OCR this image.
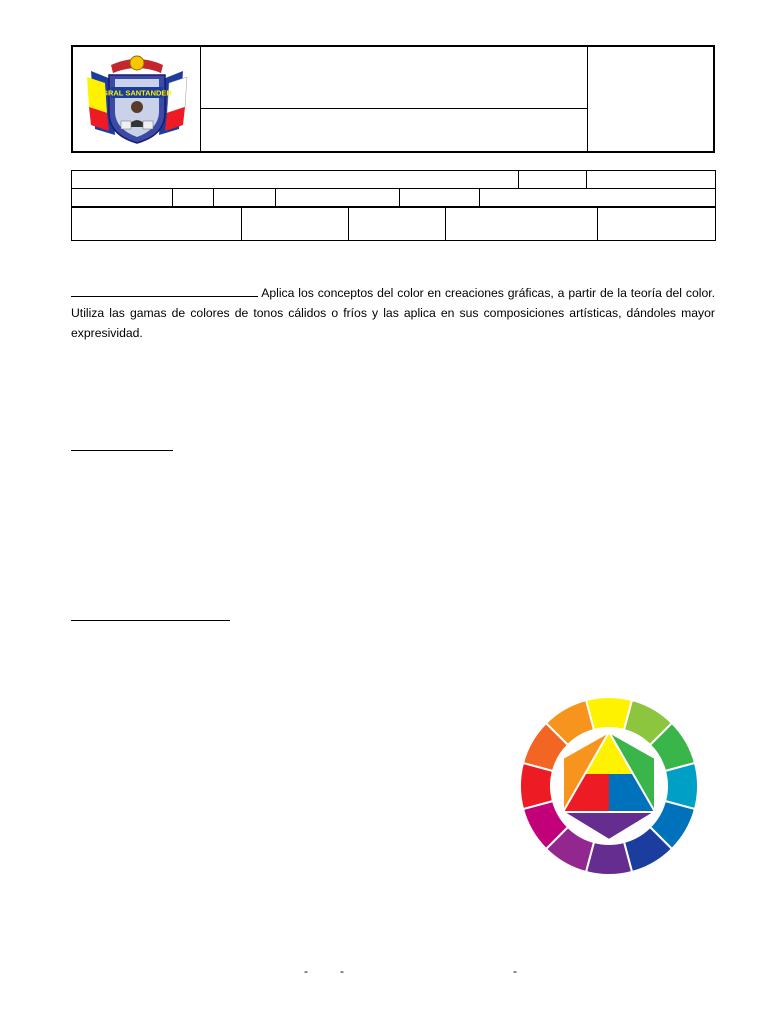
GRAL SANTANDER
Aplica los conceptos del color en creaciones gráficas, a partir de la teoría del color. Utiliza las gamas de colores de tonos cálidos o fríos y las aplica en sus composiciones artísticas, dándoles mayor expresividad.
-	-	-
